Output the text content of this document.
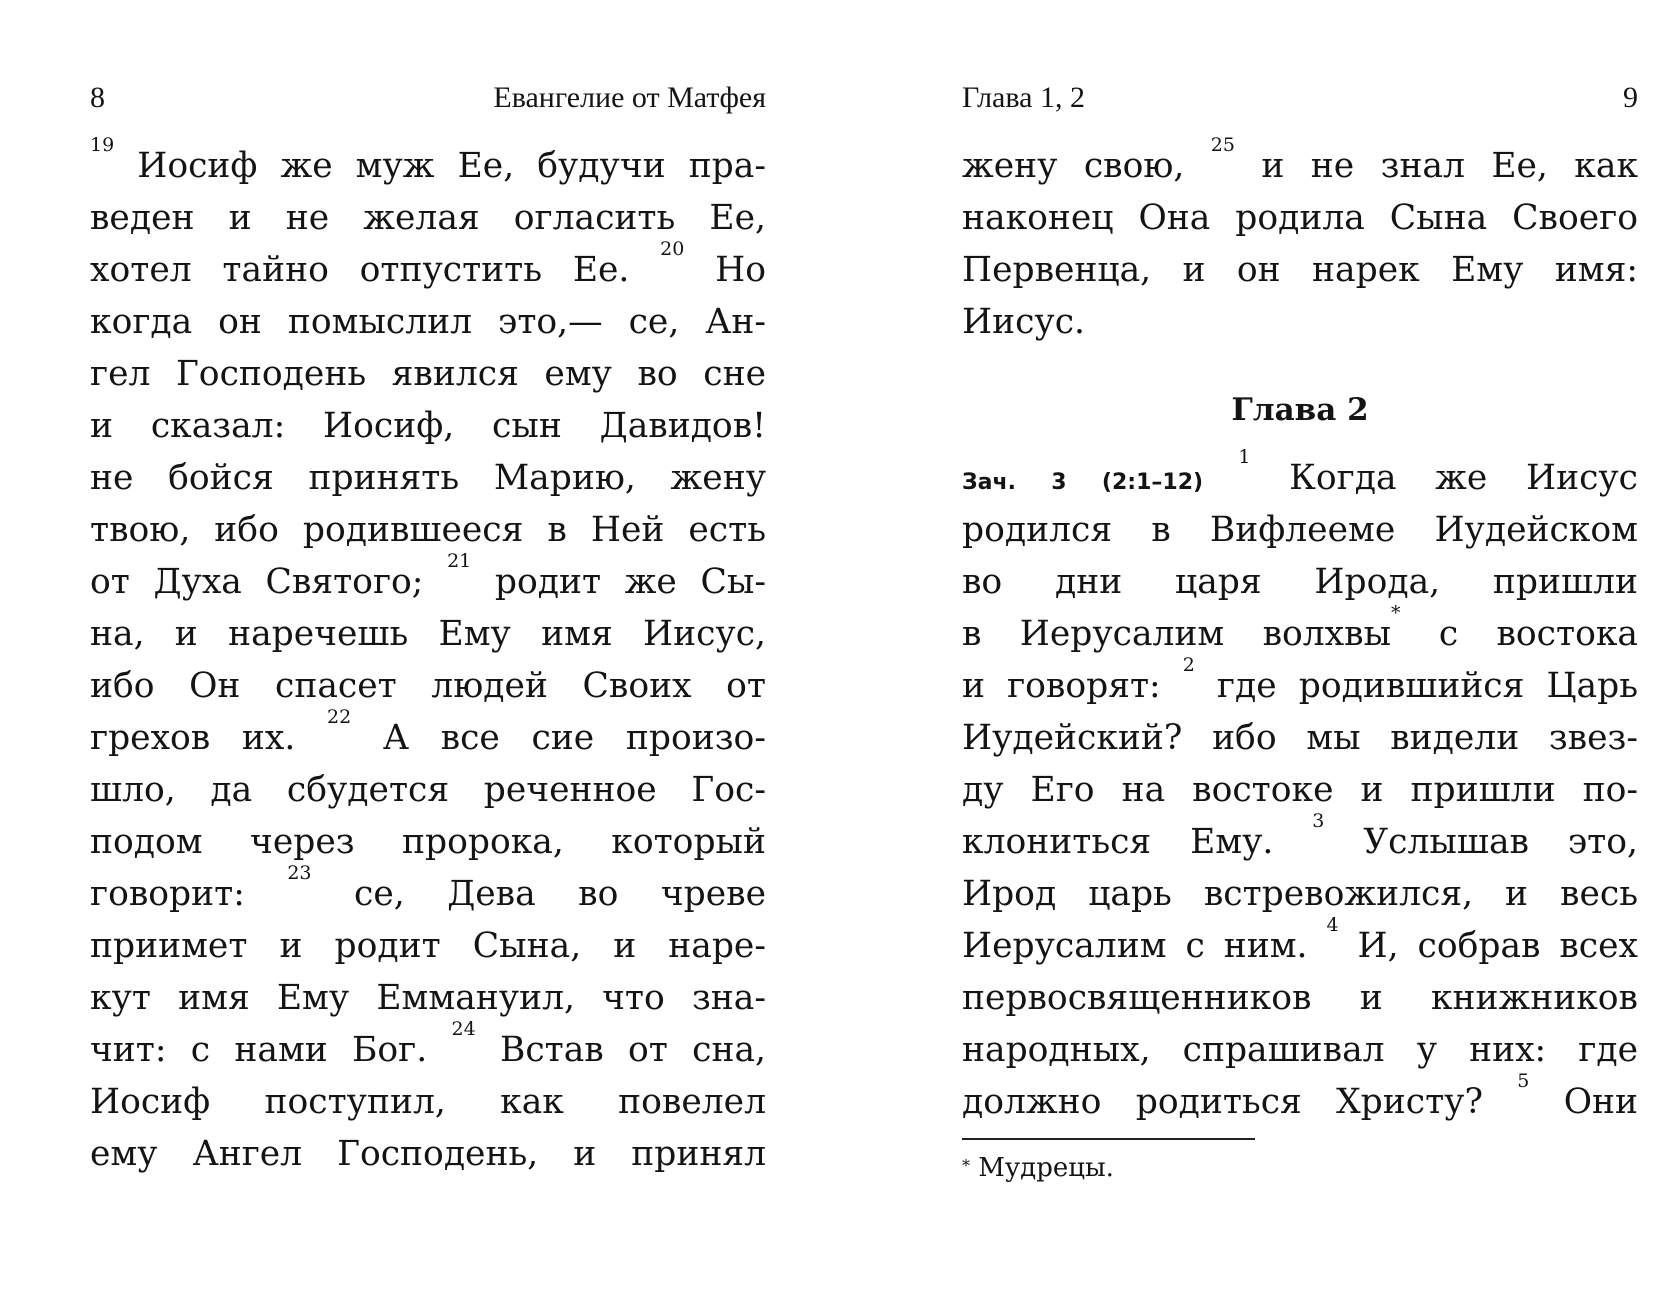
8	Евангелие от Матфея
$^{19}$ Иосиф же муж Ее, будучи пра-
веден и не желая огласить Ее,
хотел тайно отпустить Ее. $^{20}$ Но
когда он помыслил это,— се, Ан-
гел Господень явился ему во сне
и сказал: Иосиф, сын Давидов!
не бойся принять Марию, жену
твою, ибо родившееся в Ней есть
от Духа Святого; $^{21}$ родит же Сы-
на, и наречешь Ему имя Иисус,
ибо Он спасет людей Своих от
грехов их. $^{22}$ А все сие произо-
шло, да сбудется реченное Гос-
подом через пророка, который
говорит: $^{23}$ се, Дева во чреве
приимет и родит Сына, и наре-
кут имя Ему Еммануил, что зна-
чит: с нами Бог. $^{24}$ Встав от сна,
Иосиф поступил, как повелел
ему Ангел Господень, и принял
Глава 1, 2	9
жену свою, $^{25}$ и не знал Ее, как
наконец Она родила Сына Своего
Первенца, и он нарек Ему имя:
Иисус.
Глава 2
Зач. 3 (2:1–12) $^1$ Когда же Иисус
родился в Вифлееме Иудейском
во дни царя Ирода, пришли
в Иерусалим волхвы* с востока
и говорят: $^2$ где родившийся Царь
Иудейский? ибо мы видели звез-
ду Его на востоке и пришли по-
клониться Ему. $^3$ Услышав это,
Ирод царь встревожился, и весь
Иерусалим с ним. $^4$ И, собрав всех
первосвященников и книжников
народных, спрашивал у них: где
должно родиться Христу? $^5$ Они
* Мудрецы.
